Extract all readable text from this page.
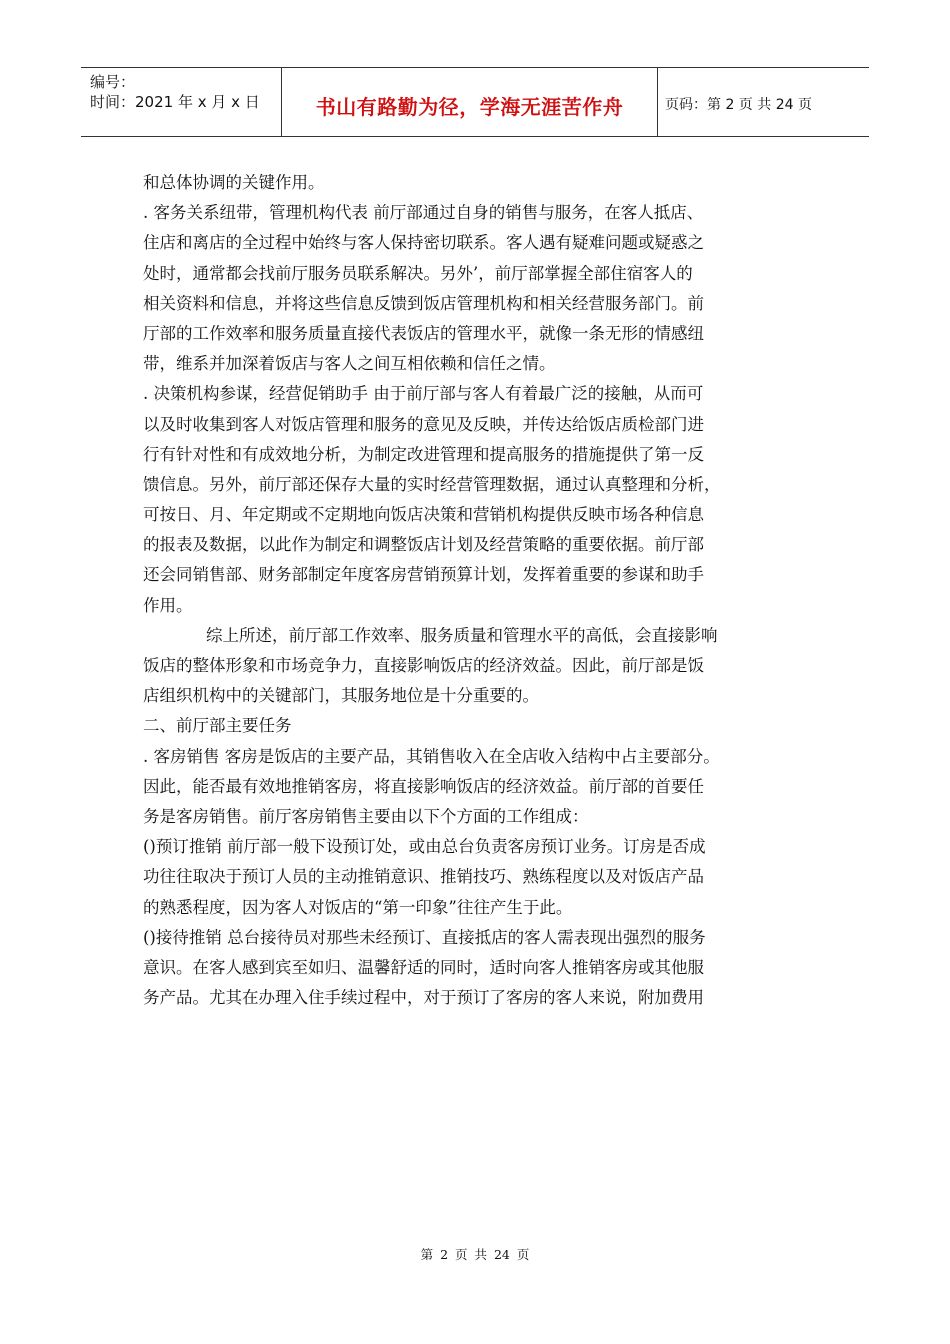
编号：
时间：2021 年 x 月 x 日	书山有路勤为径，学海无涯苦作舟	页码：第 2 页 共 24 页
和总体协调的关键作用。
. 客务关系纽带，管理机构代表 前厅部通过自身的销售与服务，在客人抵店、
住店和离店的全过程中始终与客人保持密切联系。客人遇有疑难问题或疑惑之
处时，通常都会找前厅服务员联系解决。另外’，前厅部掌握全部住宿客人的
相关资料和信息，并将这些信息反馈到饭店管理机构和相关经营服务部门。前
厅部的工作效率和服务质量直接代表饭店的管理水平，就像一条无形的情感纽
带，维系并加深着饭店与客人之间互相依赖和信任之情。
. 决策机构参谋，经营促销助手 由于前厅部与客人有着最广泛的接触，从而可
以及时收集到客人对饭店管理和服务的意见及反映，并传达给饭店质检部门进
行有针对性和有成效地分析，为制定改进管理和提高服务的措施提供了第一反
馈信息。另外，前厅部还保存大量的实时经营管理数据，通过认真整理和分析，
可按日、月、年定期或不定期地向饭店决策和营销机构提供反映市场各种信息
的报表及数据，以此作为制定和调整饭店计划及经营策略的重要依据。前厅部
还会同销售部、财务部制定年度客房营销预算计划，发挥着重要的参谋和助手
作用。
综上所述，前厅部工作效率、服务质量和管理水平的高低，会直接影响
饭店的整体形象和市场竞争力，直接影响饭店的经济效益。因此，前厅部是饭
店组织机构中的关键部门，其服务地位是十分重要的。
二、前厅部主要任务
. 客房销售 客房是饭店的主要产品，其销售收入在全店收入结构中占主要部分。
因此，能否最有效地推销客房，将直接影响饭店的经济效益。前厅部的首要任
务是客房销售。前厅客房销售主要由以下个方面的工作组成：
()预订推销 前厅部一般下设预订处，或由总台负责客房预订业务。订房是否成
功往往取决于预订人员的主动推销意识、推销技巧、熟练程度以及对饭店产品
的熟悉程度，因为客人对饭店的“第一印象”往往产生于此。
()接待推销 总台接待员对那些未经预订、直接抵店的客人需表现出强烈的服务
意识。在客人感到宾至如归、温馨舒适的同时，适时向客人推销客房或其他服
务产品。尤其在办理入住手续过程中，对于预订了客房的客人来说，附加费用
第 2 页 共 24 页
